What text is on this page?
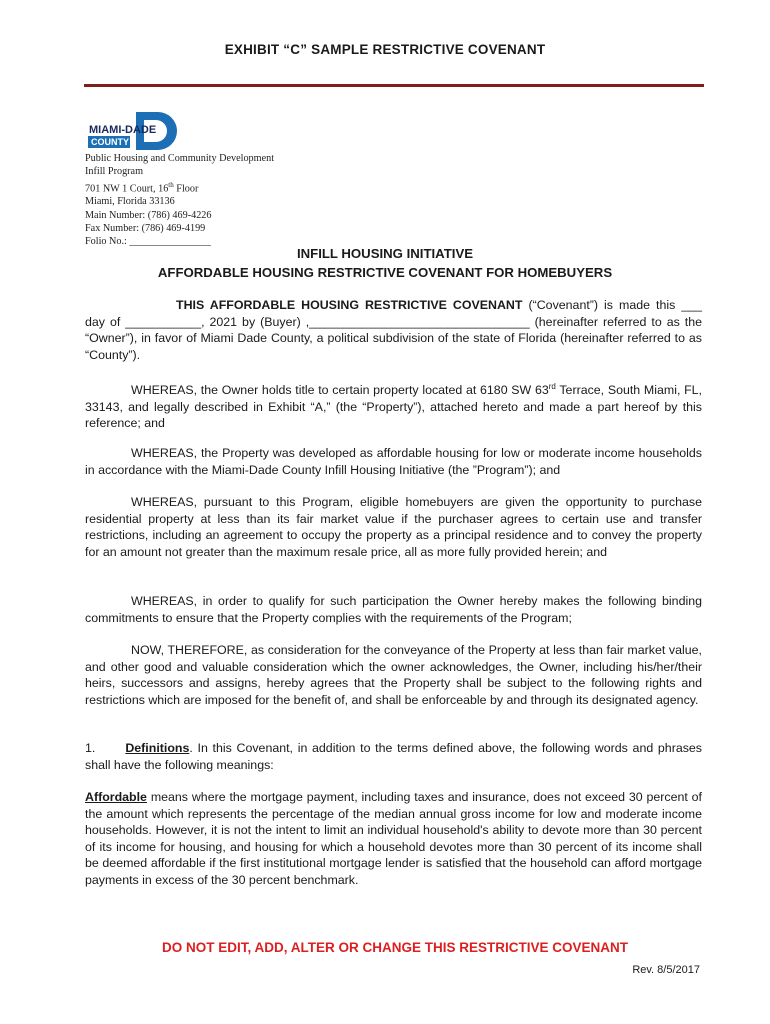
EXHIBIT “C” SAMPLE RESTRICTIVE COVENANT
MIAMI-DADE
COUNTY
Public Housing and Community Development
Infill Program
701 NW 1 Court, 16th Floor
Miami, Florida 33136
Main Number: (786) 469-4226
Fax Number: (786) 469-4199
Folio No.: ________________
INFILL HOUSING INITIATIVE
AFFORDABLE HOUSING RESTRICTIVE COVENANT FOR HOMEBUYERS

THIS AFFORDABLE HOUSING RESTRICTIVE COVENANT (“Covenant”) is made this ___ day of ___________, 2021 by (Buyer) ,________________________________ (hereinafter referred to as the “Owner”), in favor of Miami Dade County, a political subdivision of the state of Florida (hereinafter referred to as “County”).

WHEREAS, the Owner holds title to certain property located at 6180 SW 63rd Terrace, South Miami, FL, 33143, and legally described in Exhibit “A,” (the “Property”), attached hereto and made a part hereof by this reference; and

WHEREAS, the Property was developed as affordable housing for low or moderate income households in accordance with the Miami-Dade County Infill Housing Initiative (the ”Program”); and

WHEREAS, pursuant to this Program, eligible homebuyers are given the opportunity to purchase residential property at less than its fair market value if the purchaser agrees to certain use and transfer restrictions, including an agreement to occupy the property as a principal residence and to convey the property for an amount not greater than the maximum resale price, all as more fully provided herein; and

WHEREAS, in order to qualify for such participation the Owner hereby makes the following binding commitments to ensure that the Property complies with the requirements of the Program;

NOW, THEREFORE, as consideration for the conveyance of the Property at less than fair market value, and other good and valuable consideration which the owner acknowledges, the Owner, including his/her/their heirs, successors and assigns, hereby agrees that the Property shall be subject to the following rights and restrictions which are imposed for the benefit of, and shall be enforceable by and through its designated agency.

1. Definitions. In this Covenant, in addition to the terms defined above, the following words and phrases shall have the following meanings:

Affordable means where the mortgage payment, including taxes and insurance, does not exceed 30 percent of the amount which represents the percentage of the median annual gross income for low and moderate income households. However, it is not the intent to limit an individual household's ability to devote more than 30 percent of its income for housing, and housing for which a household devotes more than 30 percent of its income shall be deemed affordable if the first institutional mortgage lender is satisfied that the household can afford mortgage payments in excess of the 30 percent benchmark.

DO NOT EDIT, ADD, ALTER OR CHANGE THIS RESTRICTIVE COVENANT
Rev. 8/5/2017
